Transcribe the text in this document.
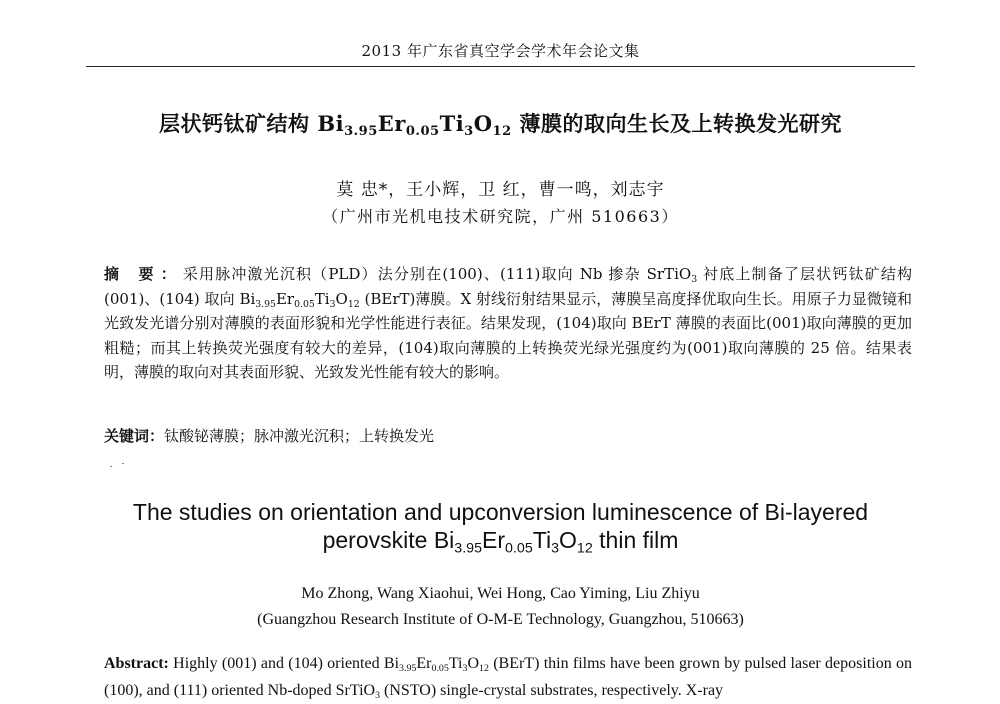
2013 年广东省真空学会学术年会论文集
层状钙钛矿结构 $Bi_{3.95}Er_{0.05}Ti_3O_{12}$ 薄膜的取向生长及上转换发光研究
莫 忠*，王小辉，卫 红，曹一鸣，刘志宇
（广州市光机电技术研究院，广州 510663）
摘 要：采用脉冲激光沉积（PLD）法分别在(100)、(111)取向 Nb 掺杂 SrTiO$_3$ 衬底上制备了层状钙钛矿结构(001)、(104) 取向 $Bi_{3.95}Er_{0.05}Ti_3O_{12}$ (BErT)薄膜。X 射线衍射结果显示，薄膜呈高度择优取向生长。用原子力显微镜和光致发光谱分别对薄膜的表面形貌和光学性能进行表征。结果发现，(104)取向 BErT 薄膜的表面比(001)取向薄膜的更加粗糙；而其上转换荧光强度有较大的差异，(104)取向薄膜的上转换荧光绿光强度约为(001)取向薄膜的 25 倍。结果表明，薄膜的取向对其表面形貌、光致发光性能有较大的影响。
关键词：钛酸铋薄膜；脉冲激光沉积；上转换发光
The studies on orientation and upconversion luminescence of Bi-layered
perovskite $Bi_{3.95}Er_{0.05}Ti_3O_{12}$ thin film
Mo Zhong, Wang Xiaohui, Wei Hong, Cao Yiming, Liu Zhiyu
(Guangzhou Research Institute of O-M-E Technology, Guangzhou, 510663)
Abstract: Highly (001) and (104) oriented $Bi_{3.95}Er_{0.05}Ti_3O_{12}$ (BErT) thin films have been grown by pulsed laser deposition on (100), and (111) oriented Nb-doped SrTiO$_3$ (NSTO) single-crystal substrates, respectively. X-ray
